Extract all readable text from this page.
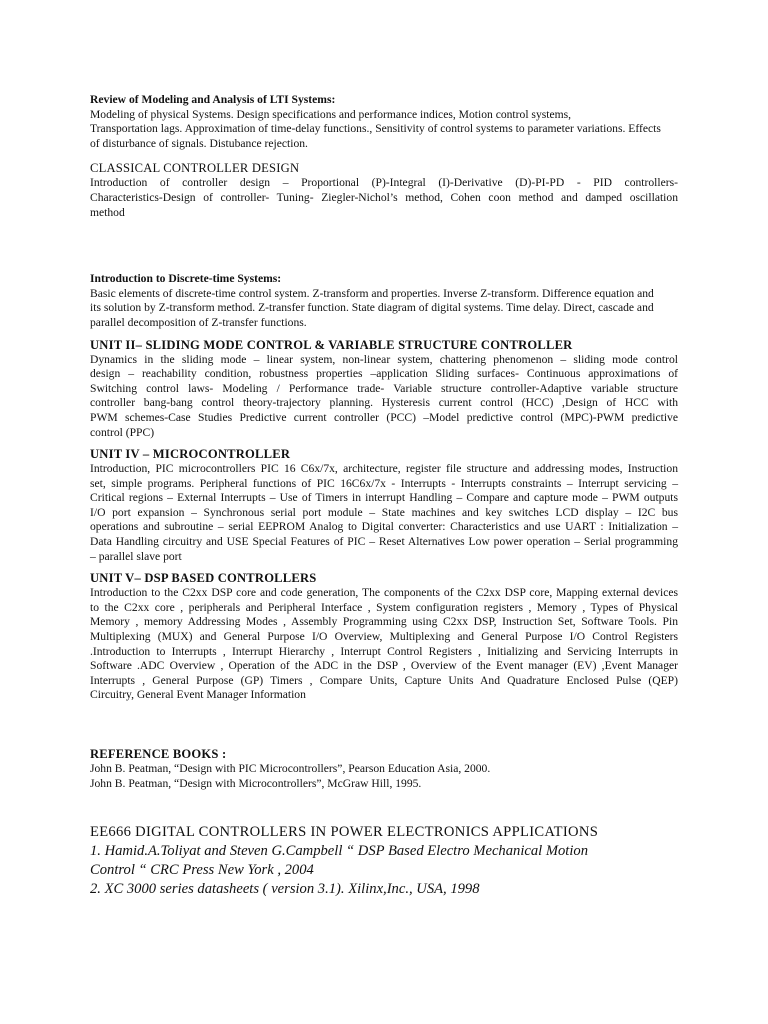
Review of Modeling and Analysis of LTI Systems:

Modeling of physical Systems. Design specifications and performance indices, Motion control systems,
Transportation lags. Approximation of time-delay functions., Sensitivity of control systems to parameter variations. Effects
of disturbance of signals. Distubance rejection.

CLASSICAL CONTROLLER DESIGN

Introduction of controller design – Proportional (P)-Integral (I)-Derivative (D)-PI-PD - PID controllers-
Characteristics-Design of controller- Tuning- Ziegler-Nichol’s method, Cohen coon method and damped oscillation
method

Introduction to Discrete-time Systems:

Basic elements of discrete-time control system. Z-transform and properties. Inverse Z-transform. Difference equation and
its solution by Z-transform method. Z-transfer function. State diagram of digital systems. Time delay. Direct, cascade and
parallel decomposition of Z-transfer functions.

UNIT II– SLIDING MODE CONTROL & VARIABLE STRUCTURE CONTROLLER

Dynamics in the sliding mode – linear system, non-linear system, chattering phenomenon – sliding mode control
design – reachability condition, robustness properties –application Sliding surfaces- Continuous approximations of
Switching control laws- Modeling / Performance trade- Variable structure controller-Adaptive variable structure
controller bang-bang control theory-trajectory planning. Hysteresis current control (HCC) ,Design of HCC with
PWM schemes-Case Studies Predictive current controller (PCC) –Model predictive control (MPC)-PWM predictive
control (PPC)

UNIT IV – MICROCONTROLLER

Introduction, PIC microcontrollers PIC 16 C6x/7x, architecture, register file structure and addressing modes, Instruction
set, simple programs. Peripheral functions of PIC 16C6x/7x - Interrupts - Interrupts constraints – Interrupt servicing –
Critical regions – External Interrupts – Use of Timers in interrupt Handling – Compare and capture mode – PWM outputs
I/O port expansion – Synchronous serial port module – State machines and key switches LCD display – I2C bus
operations and subroutine – serial EEPROM Analog to Digital converter: Characteristics and use UART : Initialization –
Data Handling circuitry and USE Special Features of PIC – Reset Alternatives Low power operation – Serial programming
– parallel slave port

UNIT V– DSP BASED CONTROLLERS

Introduction to the C2xx DSP core and code generation, The components of the C2xx DSP core, Mapping external devices
to the C2xx core , peripherals and Peripheral Interface , System configuration registers , Memory , Types of Physical
Memory , memory Addressing Modes , Assembly Programming using C2xx DSP, Instruction Set, Software Tools. Pin
Multiplexing (MUX) and General Purpose I/O Overview, Multiplexing and General Purpose I/O Control Registers
.Introduction to Interrupts , Interrupt Hierarchy , Interrupt Control Registers , Initializing and Servicing Interrupts in
Software .ADC Overview , Operation of the ADC in the DSP , Overview of the Event manager (EV) ,Event Manager
Interrupts , General Purpose (GP) Timers , Compare Units, Capture Units And Quadrature Enclosed Pulse (QEP)
Circuitry, General Event Manager Information

REFERENCE BOOKS :

John B. Peatman, “Design with PIC Microcontrollers”, Pearson Education Asia, 2000.
John B. Peatman, “Design with Microcontrollers”, McGraw Hill, 1995.

EE666 DIGITAL CONTROLLERS IN POWER ELECTRONICS APPLICATIONS

1. Hamid.A.Toliyat and Steven G.Campbell “ DSP Based Electro Mechanical Motion

Control “ CRC Press New York , 2004

2. XC 3000 series datasheets ( version 3.1). Xilinx,Inc., USA, 1998
